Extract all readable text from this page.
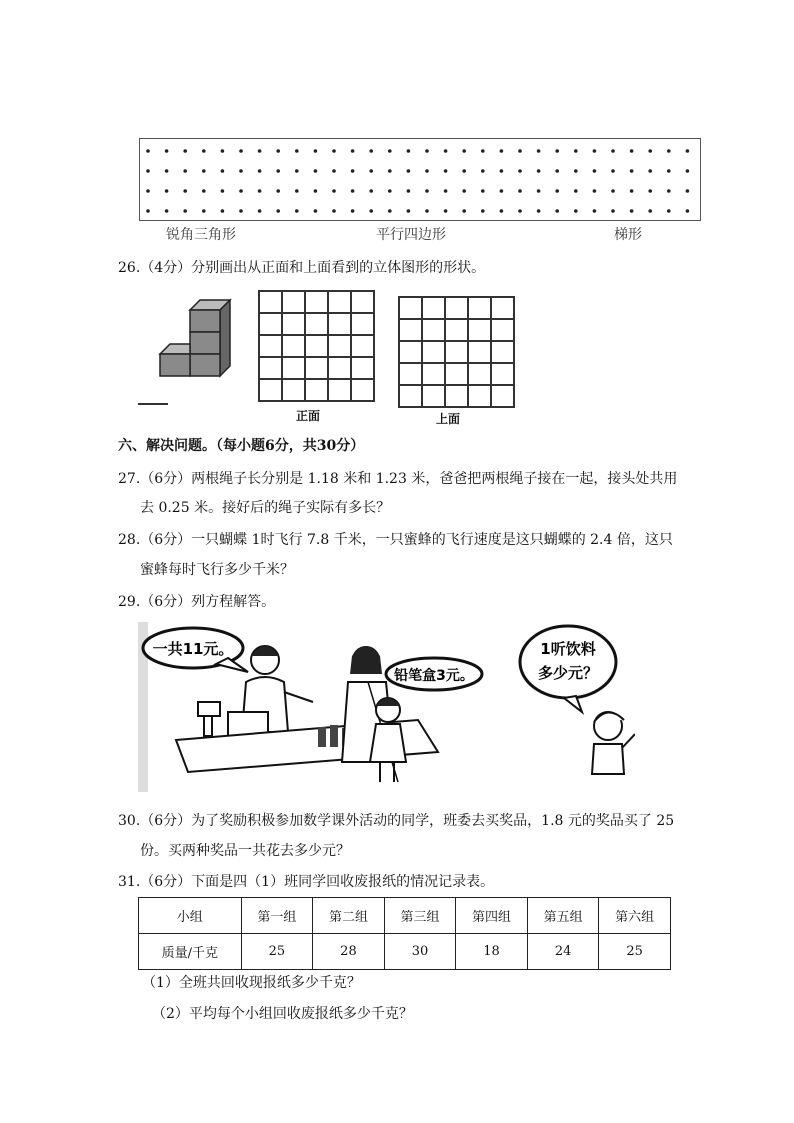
锐角三角形	平行四边形	梯形
26.（4分）分别画出从正面和上面看到的立体图形的形状。

正面

					上面
六、解决问题。（每小题6分，共30分）
27.（6分）两根绳子长分别是 1.18 米和 1.23 米，爸爸把两根绳子接在一起，接头处共用
去 0.25 米。接好后的绳子实际有多长？
28.（6分）一只蝴蝶 1时飞行 7.8 千米，一只蜜蜂的飞行速度是这只蝴蝶的 2.4 倍，这只
蜜蜂每时飞行多少千米？
29.（6分）列方程解答。
一共11元。
铅笔盒3元。
1听饮料
多少元？
30.（6分）为了奖励积极参加数学课外活动的同学，班委去买奖品，1.8 元的奖品买了 25
份。买两种奖品一共花去多少元？
31.（6分）下面是四（1）班同学回收废报纸的情况记录表。
小组	第一组	第二组	第三组	第四组	第五组	第六组
质量/千克	25	28	30	18	24	25
（1）全班共回收现报纸多少千克？
（2）平均每个小组回收废报纸多少千克？
